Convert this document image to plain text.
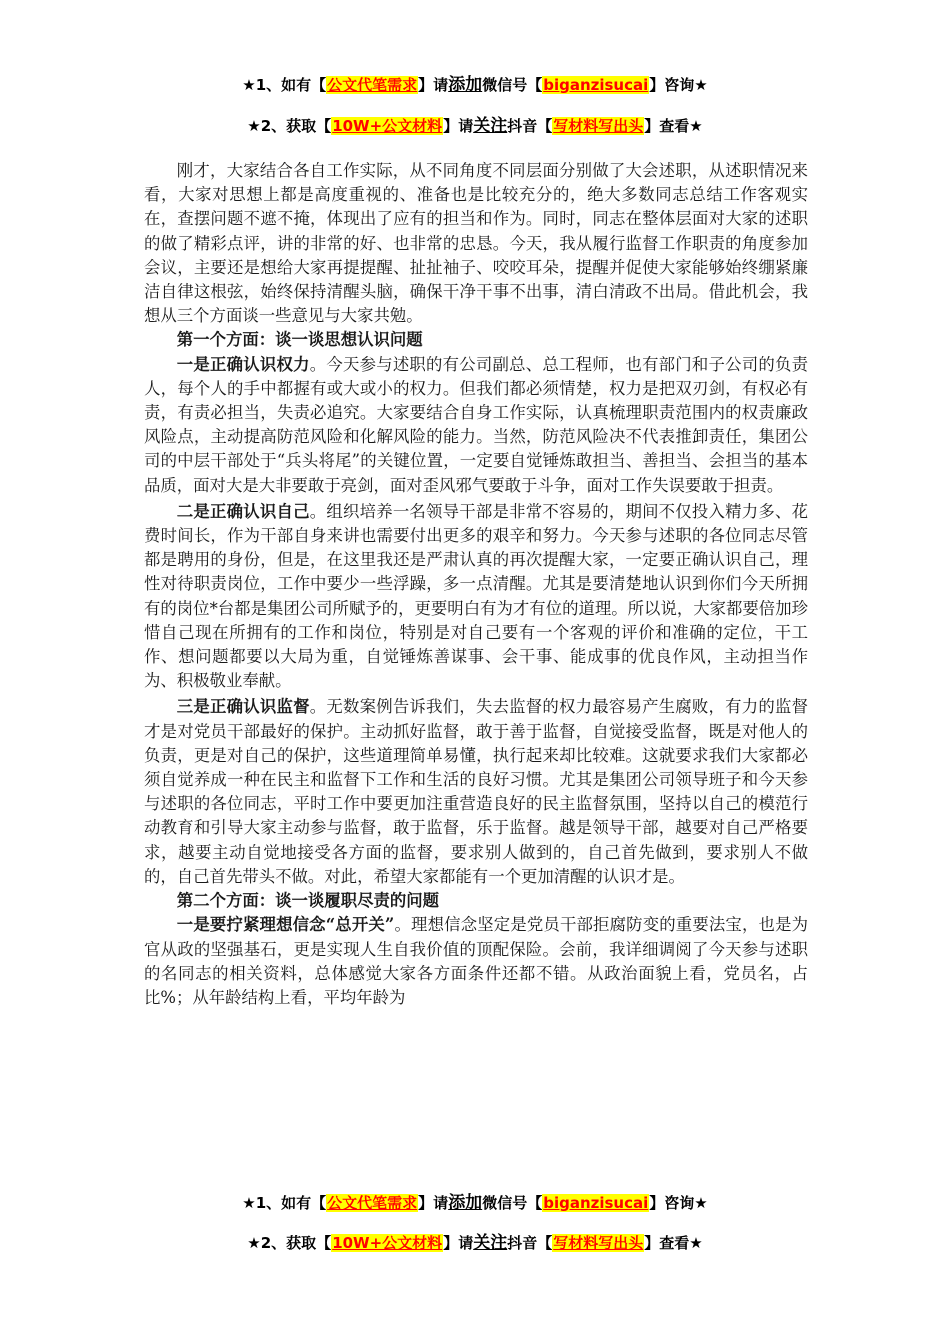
★1、如有【公文代笔需求】请添加微信号【biganzisucai】咨询★
★2、获取【10W+公文材料】请关注抖音【写材料写出头】查看★

刚才，大家结合各自工作实际，从不同角度不同层面分别做了大会述职，从述职情况来看，大家对思想上都是高度重视的、准备也是比较充分的，绝大多数同志总结工作客观实在，查摆问题不遮不掩，体现出了应有的担当和作为。同时，同志在整体层面对大家的述职的做了精彩点评，讲的非常的好、也非常的忠恳。今天，我从履行监督工作职责的角度参加会议，主要还是想给大家再提提醒、扯扯袖子、咬咬耳朵，提醒并促使大家能够始终绷紧廉洁自律这根弦，始终保持清醒头脑，确保干净干事不出事，清白清政不出局。借此机会，我想从三个方面谈一些意见与大家共勉。

第一个方面：谈一谈思想认识问题

一是正确认识权力。今天参与述职的有公司副总、总工程师，也有部门和子公司的负责人，每个人的手中都握有或大或小的权力。但我们都必须情楚，权力是把双刃剑，有权必有责，有责必担当，失责必追究。大家要结合自身工作实际，认真梳理职责范围内的权责廉政风险点，主动提高防范风险和化解风险的能力。当然，防范风险决不代表推卸责任，集团公司的中层干部处于“兵头将尾”的关键位置，一定要自觉锤炼敢担当、善担当、会担当的基本品质，面对大是大非要敢于亮剑，面对歪风邪气要敢于斗争，面对工作失误要敢于担责。

二是正确认识自己。组织培养一名领导干部是非常不容易的，期间不仅投入精力多、花费时间长，作为干部自身来讲也需要付出更多的艰辛和努力。今天参与述职的各位同志尽管都是聘用的身份，但是，在这里我还是严肃认真的再次提醒大家，一定要正确认识自己，理性对待职责岗位，工作中要少一些浮躁，多一点清醒。尤其是要清楚地认识到你们今天所拥有的岗位*台都是集团公司所赋予的，更要明白有为才有位的道理。所以说，大家都要倍加珍惜自己现在所拥有的工作和岗位，特别是对自己要有一个客观的评价和准确的定位，干工作、想问题都要以大局为重，自觉锤炼善谋事、会干事、能成事的优良作风，主动担当作为、积极敬业奉献。

三是正确认识监督。无数案例告诉我们，失去监督的权力最容易产生腐败，有力的监督才是对党员干部最好的保护。主动抓好监督，敢于善于监督，自觉接受监督，既是对他人的负责，更是对自己的保护，这些道理简单易懂，执行起来却比较难。这就要求我们大家都必须自觉养成一种在民主和监督下工作和生活的良好习惯。尤其是集团公司领导班子和今天参与述职的各位同志，平时工作中要更加注重营造良好的民主监督氛围，坚持以自己的模范行动教育和引导大家主动参与监督，敢于监督，乐于监督。越是领导干部，越要对自己严格要求，越要主动自觉地接受各方面的监督，要求别人做到的，自己首先做到，要求别人不做的，自己首先带头不做。对此，希望大家都能有一个更加清醒的认识才是。

第二个方面：谈一谈履职尽责的问题

一是要拧紧理想信念“总开关”。理想信念坚定是党员干部拒腐防变的重要法宝，也是为官从政的坚强基石，更是实现人生自我价值的顶配保险。会前，我详细调阅了今天参与述职的名同志的相关资料，总体感觉大家各方面条件还都不错。从政治面貌上看，党员名，占比%；从年龄结构上看，平均年龄为

★1、如有【公文代笔需求】请添加微信号【biganzisucai】咨询★
★2、获取【10W+公文材料】请关注抖音【写材料写出头】查看★
